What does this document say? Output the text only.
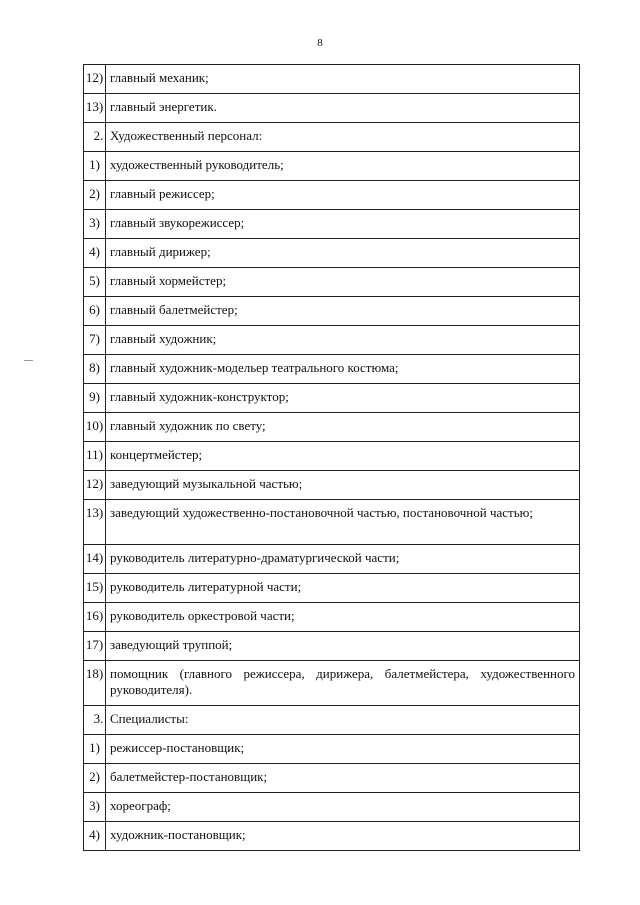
8
12)	главный механик;
13)	главный энергетик.
2.	Художественный персонал:
1)	художественный руководитель;
2)	главный режиссер;
3)	главный звукорежиссер;
4)	главный дирижер;
5)	главный хормейстер;
6)	главный балетмейстер;
7)	главный художник;
8)	главный художник-модельер театрального костюма;
9)	главный художник-конструктор;
10)	главный художник по свету;
11)	концертмейстер;
12)	заведующий музыкальной частью;
13)	заведующий художественно-постановочной частью, постановочной частью;
14)	руководитель литературно-драматургической части;
15)	руководитель литературной части;
16)	руководитель оркестровой части;
17)	заведующий труппой;
18)	помощник (главного режиссера, дирижера, балетмейстера, художественного руководителя).
3.	Специалисты:
1)	режиссер-постановщик;
2)	балетмейстер-постановщик;
3)	хореограф;
4)	художник-постановщик;
